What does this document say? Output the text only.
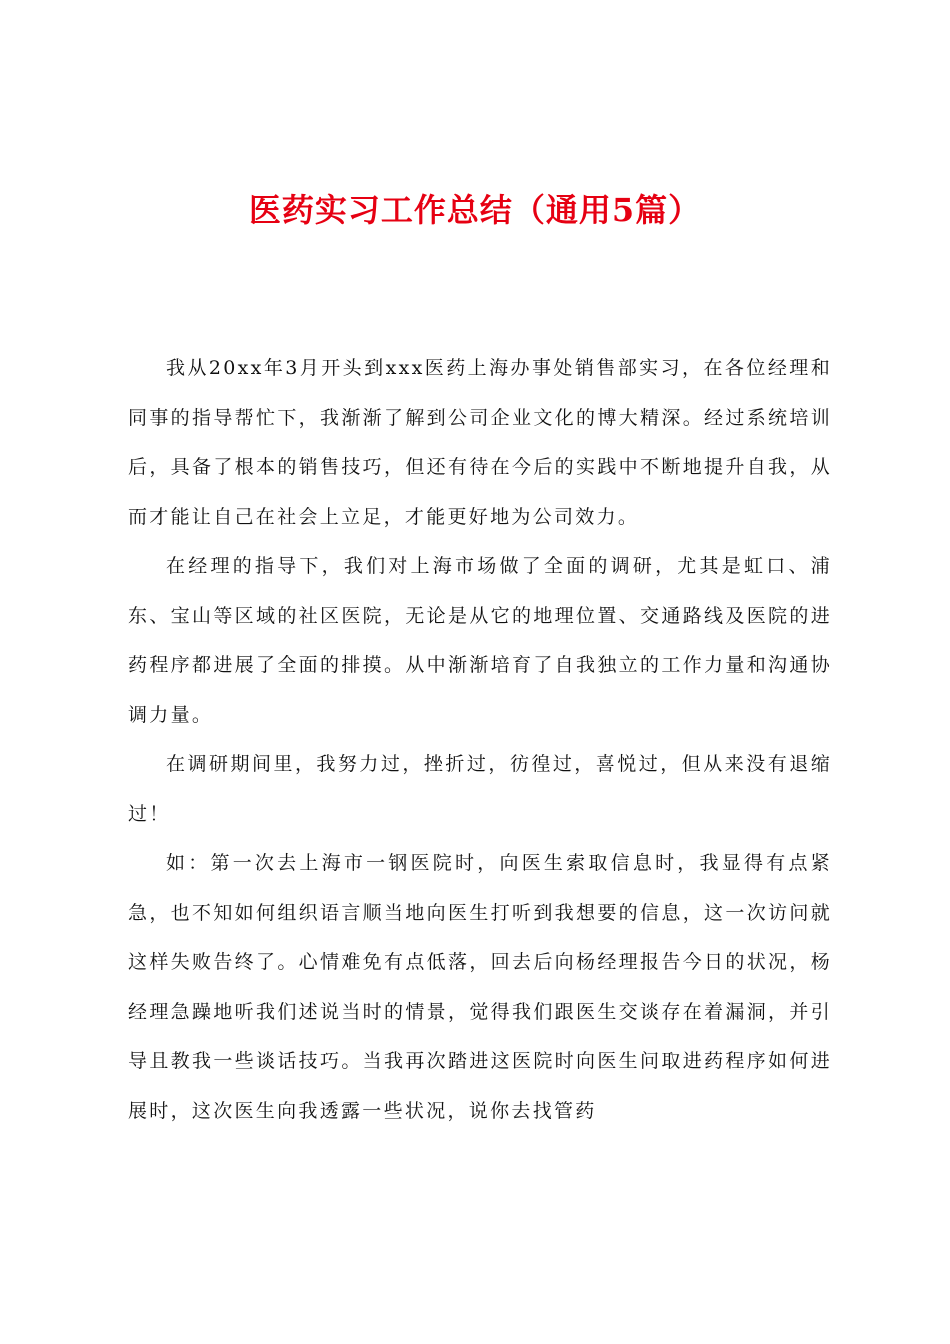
医药实习工作总结（通用5篇）

我从20xx年3月开头到xxx医药上海办事处销售部实习，在各位经理和同事的指导帮忙下，我渐渐了解到公司企业文化的博大精深。经过系统培训后，具备了根本的销售技巧，但还有待在今后的实践中不断地提升自我，从而才能让自己在社会上立足，才能更好地为公司效力。

在经理的指导下，我们对上海市场做了全面的调研，尤其是虹口、浦东、宝山等区域的社区医院，无论是从它的地理位置、交通路线及医院的进药程序都进展了全面的排摸。从中渐渐培育了自我独立的工作力量和沟通协调力量。

在调研期间里，我努力过，挫折过，彷徨过，喜悦过，但从来没有退缩过！

如：第一次去上海市一钢医院时，向医生索取信息时，我显得有点紧急，也不知如何组织语言顺当地向医生打听到我想要的信息，这一次访问就这样失败告终了。心情难免有点低落，回去后向杨经理报告今日的状况，杨经理急躁地听我们述说当时的情景，觉得我们跟医生交谈存在着漏洞，并引导且教我一些谈话技巧。当我再次踏进这医院时向医生问取进药程序如何进展时，这次医生向我透露一些状况，说你去找管药
